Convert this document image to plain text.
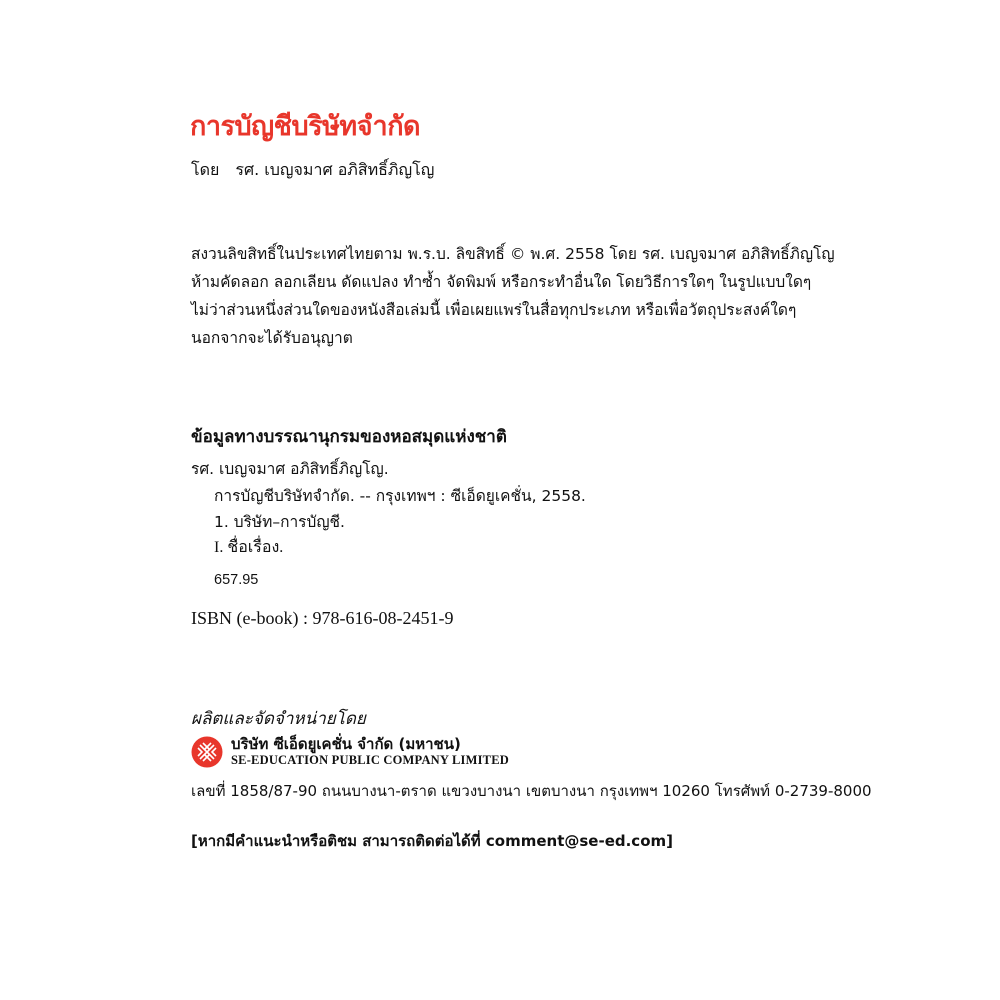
การบัญชีบริษัทจำกัด
โดย รศ. เบญจมาศ อภิสิทธิ์ภิญโญ
สงวนลิขสิทธิ์ในประเทศไทยตาม พ.ร.บ. ลิขสิทธิ์ © พ.ศ. 2558 โดย รศ. เบญจมาศ อภิสิทธิ์ภิญโญ
ห้ามคัดลอก ลอกเลียน ดัดแปลง ทำซ้ำ จัดพิมพ์ หรือกระทำอื่นใด โดยวิธีการใดๆ ในรูปแบบใดๆ
ไม่ว่าส่วนหนึ่งส่วนใดของหนังสือเล่มนี้ เพื่อเผยแพร่ในสื่อทุกประเภท หรือเพื่อวัตถุประสงค์ใดๆ
นอกจากจะได้รับอนุญาต
ข้อมูลทางบรรณานุกรมของหอสมุดแห่งชาติ
รศ. เบญจมาศ อภิสิทธิ์ภิญโญ.
การบัญชีบริษัทจำกัด. -- กรุงเทพฯ : ซีเอ็ดยูเคชั่น, 2558.
1. บริษัท–การบัญชี.
I. ชื่อเรื่อง.
657.95
ISBN (e-book) : 978-616-08-2451-9
ผลิตและจัดจำหน่ายโดย
บริษัท ซีเอ็ดยูเคชั่น จำกัด (มหาชน)
SE-EDUCATION PUBLIC COMPANY LIMITED
เลขที่ 1858/87-90 ถนนบางนา-ตราด แขวงบางนา เขตบางนา กรุงเทพฯ 10260 โทรศัพท์ 0-2739-8000
[หากมีคำแนะนำหรือติชม สามารถติดต่อได้ที่ comment@se-ed.com]
